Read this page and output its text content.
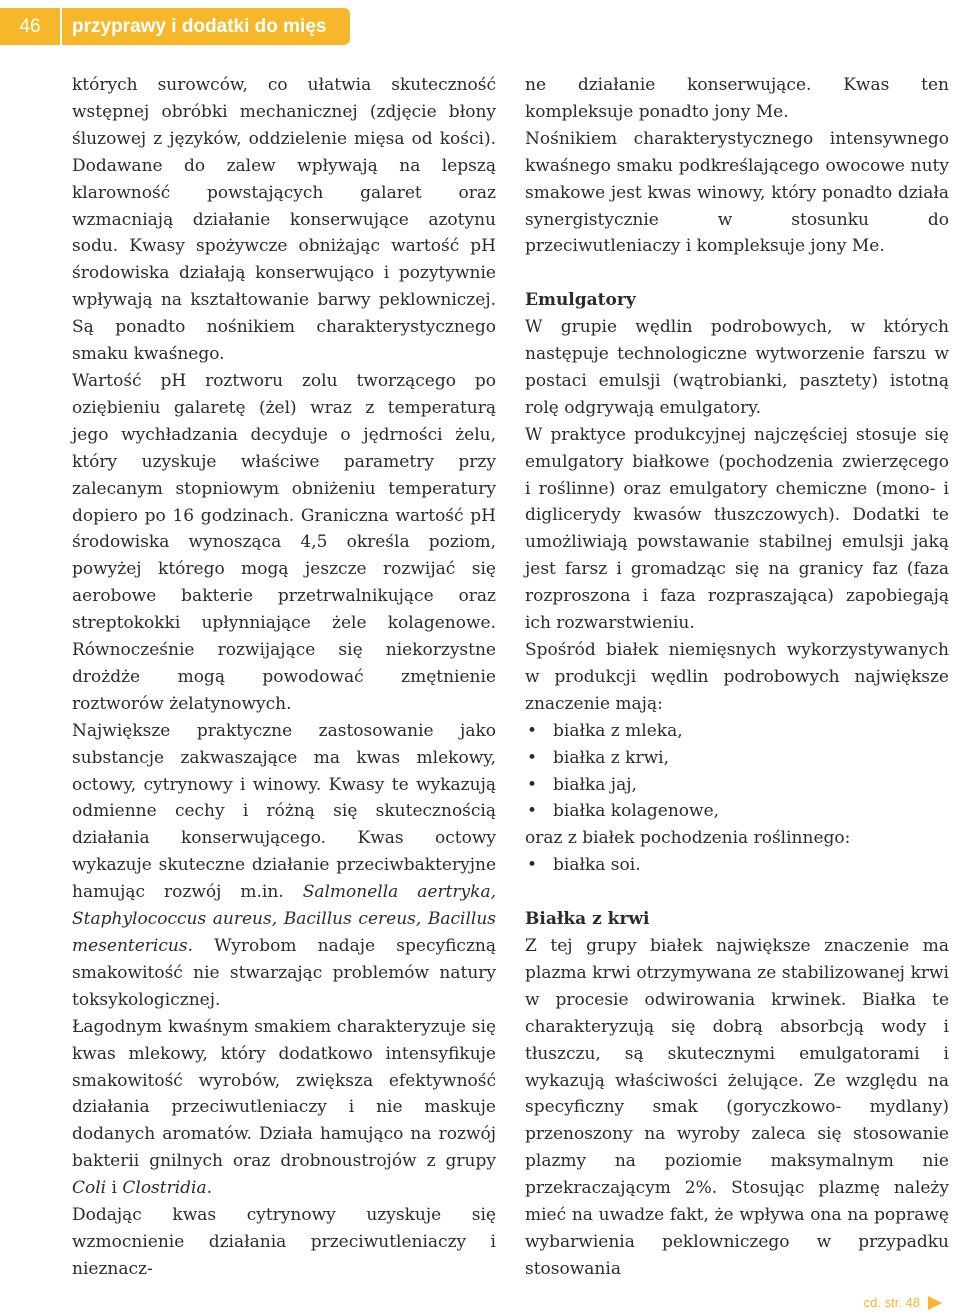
46	przyprawy i dodatki do mięs

których surowców, co ułatwia skuteczność wstępnej obróbki mechanicznej (zdjęcie błony śluzowej z języków, oddzielenie mięsa od kości). Dodawane do zalew wpływają na lepszą klarowność powstających galaret oraz wzmacniają działanie konserwujące azotynu sodu. Kwasy spożywcze obniżając wartość pH środowiska działają konserwująco i pozytywnie wpływają na kształtowanie barwy peklowniczej. Są ponadto nośnikiem charakterystycznego smaku kwaśnego.

Wartość pH roztworu zolu tworzącego po oziębieniu galaretę (żel) wraz z temperaturą jego wychładzania decyduje o jędrności żelu, który uzyskuje właściwe parametry przy zalecanym stopniowym obniżeniu temperatury dopiero po 16 godzinach. Graniczna wartość pH środowiska wynosząca 4,5 określa poziom, powyżej którego mogą jeszcze rozwijać się aerobowe bakterie przetrwalnikujące oraz streptokokki upłynniające żele kolagenowe. Równocześnie rozwijające się niekorzystne drożdże mogą powodować zmętnienie roztworów żelatynowych.

Największe praktyczne zastosowanie jako substancje zakwaszające ma kwas mlekowy, octowy, cytrynowy i winowy. Kwasy te wykazują odmienne cechy i różną się skutecznością działania konserwującego. Kwas octowy wykazuje skuteczne działanie przeciwbakteryjne hamując rozwój m.in. Salmonella aertryka, Staphylococcus aureus, Bacillus cereus, Bacillus mesentericus. Wyrobom nadaje specyficzną smakowitość nie stwarzając problemów natury toksykologicznej.

Łagodnym kwaśnym smakiem charakteryzuje się kwas mlekowy, który dodatkowo intensyfikuje smakowitość wyrobów, zwiększa efektywność działania przeciwutleniaczy i nie maskuje dodanych aromatów. Działa hamująco na rozwój bakterii gnilnych oraz drobnoustrojów z grupy Coli i Clostridia.

Dodając kwas cytrynowy uzyskuje się wzmocnienie działania przeciwutleniaczy i nieznacz-

ne działanie konserwujące. Kwas ten kompleksuje ponadto jony Me.

Nośnikiem charakterystycznego intensywnego kwaśnego smaku podkreślającego owocowe nuty smakowe jest kwas winowy, który ponadto działa synergistycznie w stosunku do przeciwutleniaczy i kompleksuje jony Me.

Emulgatory

W grupie wędlin podrobowych, w których następuje technologiczne wytworzenie farszu w postaci emulsji (wątrobianki, pasztety) istotną rolę odgrywają emulgatory.

W praktyce produkcyjnej najczęściej stosuje się emulgatory białkowe (pochodzenia zwierzęcego i roślinne) oraz emulgatory chemiczne (mono- i diglicerydy kwasów tłuszczowych). Dodatki te umożliwiają powstawanie stabilnej emulsji jaką jest farsz i gromadząc się na granicy faz (faza rozproszona i faza rozpraszająca) zapobiegają ich rozwarstwieniu.

Spośród białek niemięsnych wykorzystywanych w produkcji wędlin podrobowych największe znaczenie mają:

• białka z mleka,
• białka z krwi,
• białka jaj,
• białka kolagenowe,

oraz z białek pochodzenia roślinnego:

• białka soi.
Białka z krwi

Z tej grupy białek największe znaczenie ma plazma krwi otrzymywana ze stabilizowanej krwi w procesie odwirowania krwinek. Białka te charakteryzują się dobrą absorbcją wody i tłuszczu, są skutecznymi emulgatorami i wykazują właściwości żelujące. Ze względu na specyficzny smak (goryczkowo- mydlany) przenoszony na wyroby zaleca się stosowanie plazmy na poziomie maksymalnym nie przekraczającym 2%. Stosując plazmę należy mieć na uwadze fakt, że wpływa ona na poprawę wybarwienia peklowniczego w przypadku stosowania

cd. str. 48
